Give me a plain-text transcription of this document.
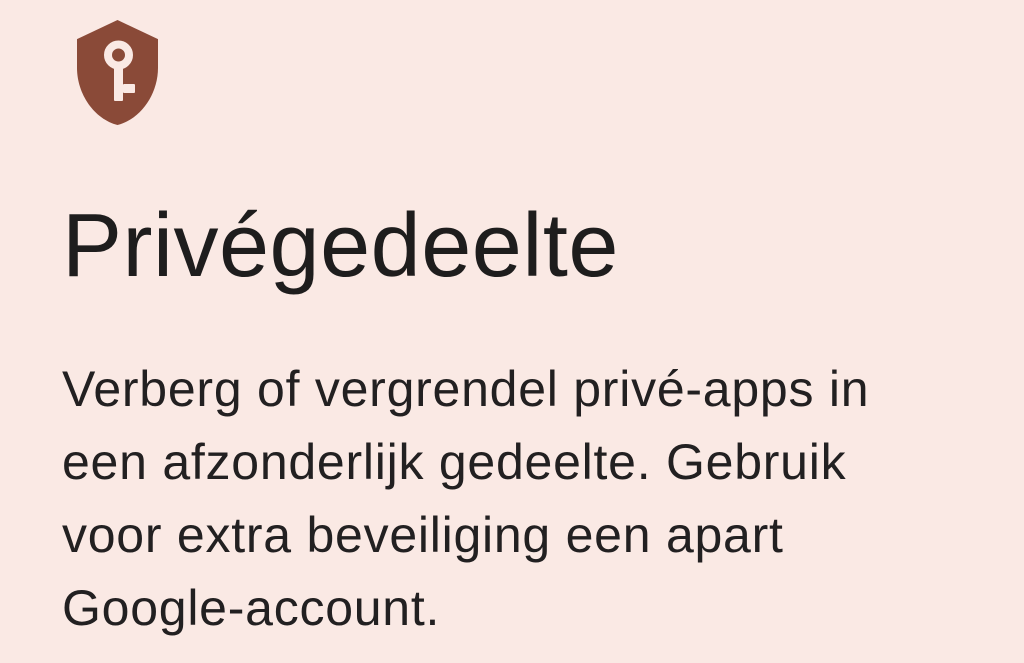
Privégedeelte
Verberg of vergrendel privé-apps in
een afzonderlijk gedeelte. Gebruik
voor extra beveiliging een apart
Google-account.
